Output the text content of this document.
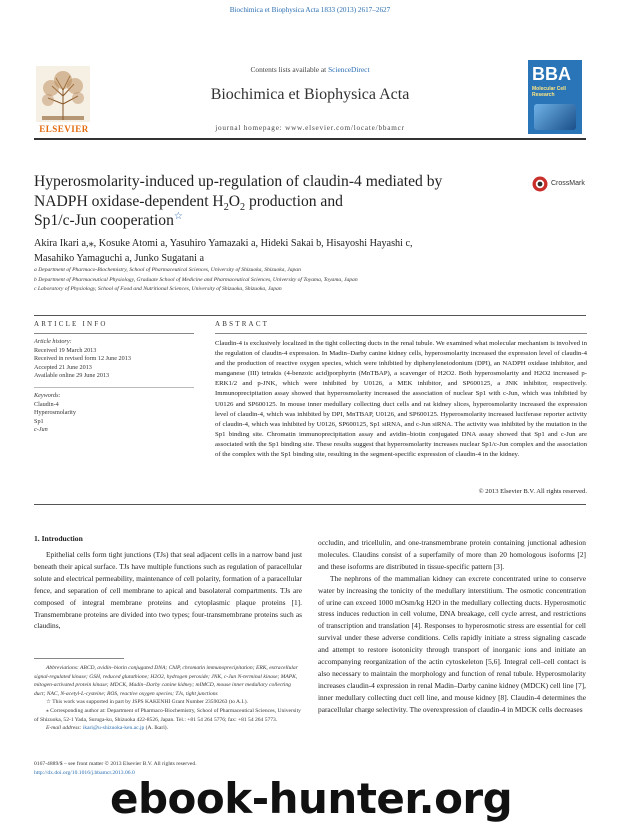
Biochimica et Biophysica Acta 1833 (2013) 2617–2627
ELSEVIER
Contents lists available at ScienceDirect
Biochimica et Biophysica Acta
journal homepage: www.elsevier.com/locate/bbamcr
BBA
Molecular Cell Research
Hyperosmolarity-induced up-regulation of claudin-4 mediated by
NADPH oxidase-dependent $H_2O_2$ production and
Sp1/c-Jun cooperation☆
CrossMark
Akira Ikari a,⁎, Kosuke Atomi a, Yasuhiro Yamazaki a, Hideki Sakai b, Hisayoshi Hayashi c,
Masahiko Yamaguchi a, Junko Sugatani a
a Department of Pharmaco-Biochemistry, School of Pharmaceutical Sciences, University of Shizuoka, Shizuoka, Japan
b Department of Pharmaceutical Physiology, Graduate School of Medicine and Pharmaceutical Sciences, University of Toyama, Toyama, Japan
c Laboratory of Physiology, School of Food and Nutritional Sciences, University of Shizuoka, Shizuoka, Japan
ARTICLE INFO	ABSTRACT
Article history:
Received 19 March 2013
Received in revised form 12 June 2013
Accepted 21 June 2013
Available online 29 June 2013
Keywords:
Claudin-4
Hyperosmolarity
Sp1
c-Jun
Claudin-4 is exclusively localized in the tight collecting ducts in the renal tubule. We examined what molecular mechanism is involved in the regulation of claudin-4 expression. In Madin–Darby canine kidney cells, hyperosmolarity increased the expression level of claudin-4 and the production of reactive oxygen species, which were inhibited by diphenyleneiodonium (DPI), an NADPH oxidase inhibitor, and manganese (III) tetrakis (4-benzoic acid)porphyrin (MnTBAP), a scavenger of H2O2. Both hyperosmolarity and H2O2 increased p-ERK1/2 and p-JNK, which were inhibited by U0126, a MEK inhibitor, and SP600125, a JNK inhibitor, respectively. Immunoprecipitation assay showed that hyperosmolarity increased the association of nuclear Sp1 with c-Jun, which was inhibited by U0126 and SP600125. In mouse inner medullary collecting duct cells and rat kidney slices, hyperosmolarity increased the expression level of claudin-4, which was inhibited by DPI, MnTBAP, U0126, and SP600125. Hyperosmolarity increased luciferase reporter activity of claudin-4, which was inhibited by U0126, SP600125, Sp1 siRNA, and c-Jun siRNA. The activity was inhibited by the mutation in the Sp1 binding site. Chromatin immunoprecipitation assay and avidin–biotin conjugated DNA assay showed that Sp1 and c-Jun are associated with the Sp1 binding site. These results suggest that hyperosmolarity increases nuclear Sp1/c-Jun complex and the association of the complex with the Sp1 binding site, resulting in the segment-specific expression of claudin-4 in the kidney.
© 2013 Elsevier B.V. All rights reserved.
1. Introduction

Epithelial cells form tight junctions (TJs) that seal adjacent cells in a narrow band just beneath their apical surface. TJs have multiple functions such as regulation of paracellular solute and electrical permeability, maintenance of cell polarity, formation of a paracellular fence, and separation of cell membrane to apical and basolateral compartments. TJs are composed of integral membrane proteins and cytoplasmic plaque proteins [1]. Transmembrane proteins are divided into two types; four-transmembrane proteins such as claudins,

occludin, and tricellulin, and one-transmembrane protein containing junctional adhesion molecules. Claudins consist of a superfamily of more than 20 homologous isoforms [2] and these isoforms are distributed in tissue-specific pattern [3].

The nephrons of the mammalian kidney can excrete concentrated urine to conserve water by increasing the tonicity of the medullary interstitium. The osmotic concentration of urine can exceed 1000 mOsm/kg H2O in the medullary collecting ducts. Hyperosmotic stress induces reduction in cell volume, DNA breakage, cell cycle arrest, and restrictions of transcription and translation [4]. Responses to hyperosmotic stress are essential for cell survival under these adverse conditions. Cells rapidly initiate a stress signaling cascade and attempt to restore isotonicity through transport of inorganic ions and initiate an accompanying reorganization of the actin cytoskeleton [5,6]. Integral cell–cell contact is also necessary to maintain the morphology and function of renal tubule. Hyperosmolarity increases claudin-4 expression in renal Madin–Darby canine kidney (MDCK) cell line [7], inner medullary collecting duct cell line, and mouse kidney [8]. Claudin-4 determines the paracellular charge selectivity. The overexpression of claudin-4 in MDCK cells decreases

Abbreviations: ABCD, avidin–biotin conjugated DNA; ChIP, chromatin immunoprecipitation; ERK, extracellular signal-regulated kinase; GSH, reduced glutathione; H2O2, hydrogen peroxide; JNK, c-Jun N-terminal kinase; MAPK, mitogen-activated protein kinase; MDCK, Madin–Darby canine kidney; mIMCD, mouse inner medullary collecting duct; NAC, N-acetyl-L-cysteine; ROS, reactive oxygen species; TJs, tight junctions

☆ This work was supported in part by JSPS KAKENHI Grant Number 23590263 (to A.I.).

⁎ Corresponding author at: Department of Pharmaco-Biochemistry, School of Pharmaceutical Sciences, University of Shizuoka, 52-1 Yada, Suruga-ku, Shizuoka 422-8526, Japan. Tel.: +81 54 264 5776; fax: +81 54 264 5773.

E-mail address: ikari@u-shizuoka-ken.ac.jp (A. Ikari).

0167-4889/$ – see front matter © 2013 Elsevier B.V. All rights reserved.
http://dx.doi.org/10.1016/j.bbamcr.2013.06.0
ebook-hunter.org
